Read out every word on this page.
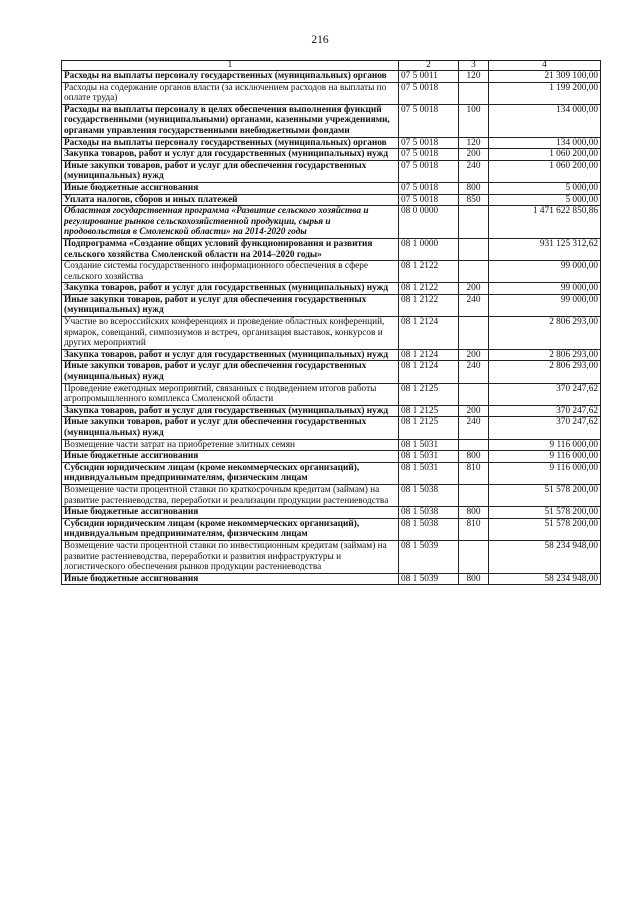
216
1	2	3	4
Расходы на выплаты персоналу государственных (муниципальных) органов	07 5 0011	120	21 309 100,00
Расходы на содержание органов власти (за исключением расходов на выплаты по оплате труда)	07 5 0018		1 199 200,00
Расходы на выплаты персоналу в целях обеспечения выполнения функций государственными (муниципальными) органами, казенными учреждениями, органами управления государственными внебюджетными фондами	07 5 0018	100	134 000,00
Расходы на выплаты персоналу государственных (муниципальных) органов	07 5 0018	120	134 000,00
Закупка товаров, работ и услуг для государственных (муниципальных) нужд	07 5 0018	200	1 060 200,00
Иные закупки товаров, работ и услуг для обеспечения государственных (муниципальных) нужд	07 5 0018	240	1 060 200,00
Иные бюджетные ассигнования	07 5 0018	800	5 000,00
Уплата налогов, сборов и иных платежей	07 5 0018	850	5 000,00
Областная государственная программа «Развитие сельского хозяйства и регулирование рынков сельскохозяйственной продукции, сырья и продовольствия в Смоленской области» на 2014-2020 годы	08 0 0000		1 471 622 850,86
Подпрограмма «Создание общих условий функционирования и развития сельского хозяйства Смоленской области на 2014–2020 годы»	08 1 0000		931 125 312,62
Создание системы государственного информационного обеспечения в сфере сельского хозяйства	08 1 2122		99 000,00
Закупка товаров, работ и услуг для государственных (муниципальных) нужд	08 1 2122	200	99 000,00
Иные закупки товаров, работ и услуг для обеспечения государственных (муниципальных) нужд	08 1 2122	240	99 000,00
Участие во всероссийских конференциях и проведение областных конференций, ярмарок, совещаний, симпозиумов и встреч, организация выставок, конкурсов и других мероприятий	08 1 2124		2 806 293,00
Закупка товаров, работ и услуг для государственных (муниципальных) нужд	08 1 2124	200	2 806 293,00
Иные закупки товаров, работ и услуг для обеспечения государственных (муниципальных) нужд	08 1 2124	240	2 806 293,00
Проведение ежегодных мероприятий, связанных с подведением итогов работы агропромышленного комплекса Смоленской области	08 1 2125		370 247,62
Закупка товаров, работ и услуг для государственных (муниципальных) нужд	08 1 2125	200	370 247,62
Иные закупки товаров, работ и услуг для обеспечения государственных (муниципальных) нужд	08 1 2125	240	370 247,62
Возмещение части затрат на приобретение элитных семян	08 1 5031		9 116 000,00
Иные бюджетные ассигнования	08 1 5031	800	9 116 000,00
Субсидии юридическим лицам (кроме некоммерческих организаций), индивидуальным предпринимателям, физическим лицам	08 1 5031	810	9 116 000,00
Возмещение части процентной ставки по краткосрочным кредитам (займам) на развитие растениеводства, переработки и реализации продукции растениеводства	08 1 5038		51 578 200,00
Иные бюджетные ассигнования	08 1 5038	800	51 578 200,00
Субсидии юридическим лицам (кроме некоммерческих организаций), индивидуальным предпринимателям, физическим лицам	08 1 5038	810	51 578 200,00
Возмещение части процентной ставки по инвестиционным кредитам (займам) на развитие растениеводства, переработки и развития инфраструктуры и логистического обеспечения рынков продукции растениеводства	08 1 5039		58 234 948,00
Иные бюджетные ассигнования	08 1 5039	800	58 234 948,00
